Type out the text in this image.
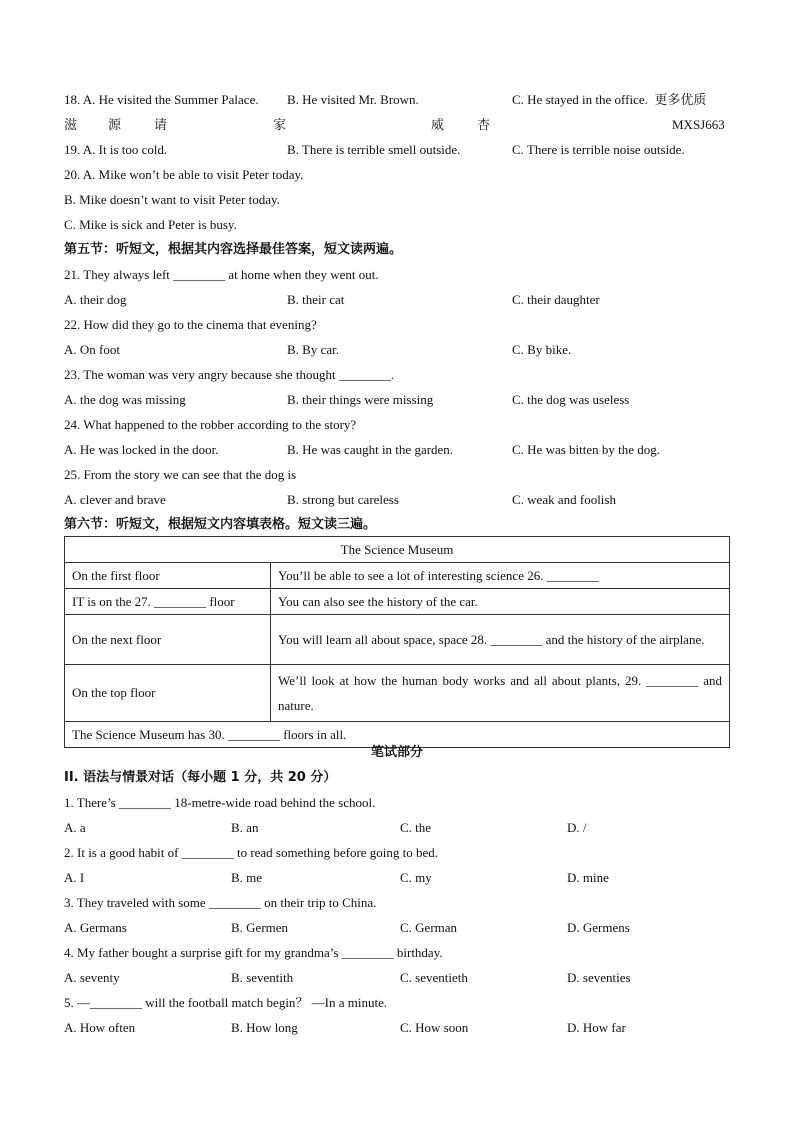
18. A. He visited the Summer Palace. B. He visited Mr. Brown.	C. He stayed in the office. 更多优质
滋 源	请	家	威	杏	MXSJ663
19. A. It is too cold.	B. There is terrible smell outside.	C. There is terrible noise outside.
20. A. Mike won’t be able to visit Peter today.
B. Mike doesn’t want to visit Peter today.
C. Mike is sick and Peter is busy.
第五节：听短文，根据其内容选择最佳答案，短文读两遍。
21. They always left ________ at home when they went out.
A. their dog	B. their cat	C. their daughter
22. How did they go to the cinema that evening?
A. On foot	B. By car.	C. By bike.
23. The woman was very angry because she thought ________.
A. the dog was missing	B. their things were missing	C. the dog was useless
24. What happened to the robber according to the story?
A. He was locked in the door.	B. He was caught in the garden.	C. He was bitten by the dog.
25. From the story we can see that the dog is
A. clever and brave	B. strong but careless	C. weak and foolish
第六节：听短文，根据短文内容填表格。短文读三遍。
The Science Museum	
On the first floor	You’ll be able to see a lot of interesting science 26. ________
IT is on the 27. ________ floor	You can also see the history of the car.
On the next floor	You will learn all about space, space 28. ________ and the history of the airplane.
On the top floor	We’ll look at how the human body works and all about plants, 29. ________ and nature.
The Science Museum has 30. ________ floors in all.	
笔试部分
II. 语法与情景对话（每小题 1 分，共 20 分）
1. There’s ________ 18-metre-wide road behind the school.
A. a	B. an	C. the	D. /
2. It is a good habit of ________ to read something before going to bed.
A. I	B. me	C. my	D. mine
3. They traveled with some ________ on their trip to China.
A. Germans	B. Germen	C. German	D. Germens
4. My father bought a surprise gift for my grandma’s ________ birthday.
A. seventy	B. seventith	C. seventieth	D. seventies
5. —________ will the football match begin？ —In a minute.
A. How often	B. How long	C. How soon	D. How far
